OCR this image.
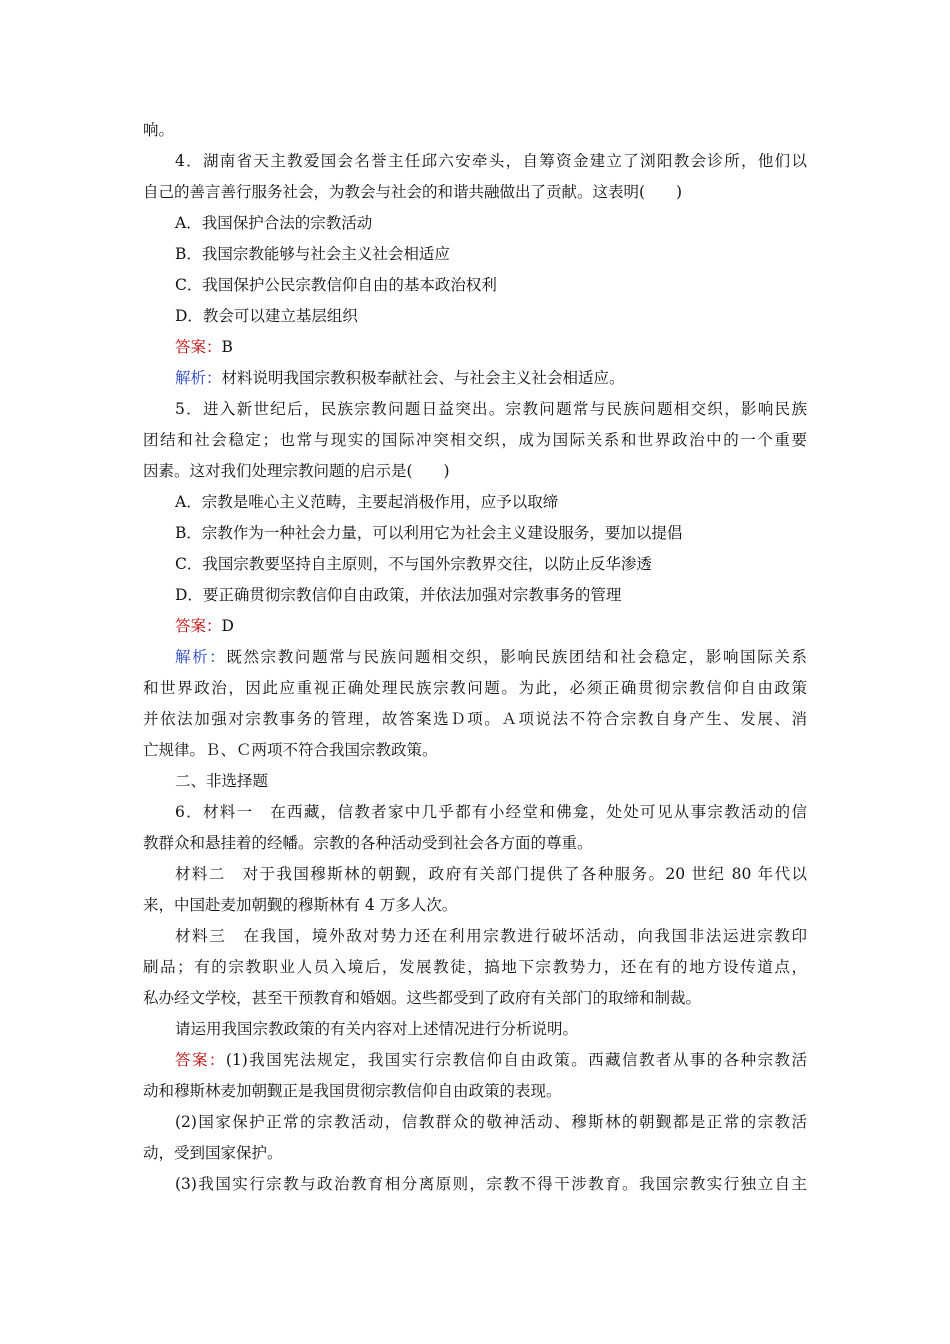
响。
4．湖南省天主教爱国会名誉主任邱六安牵头，自筹资金建立了浏阳教会诊所，他们以
自己的善言善行服务社会，为教会与社会的和谐共融做出了贡献。这表明(　　)
A．我国保护合法的宗教活动
B．我国宗教能够与社会主义社会相适应
C．我国保护公民宗教信仰自由的基本政治权利
D．教会可以建立基层组织
答案：B
解析：材料说明我国宗教积极奉献社会、与社会主义社会相适应。
5．进入新世纪后，民族宗教问题日益突出。宗教问题常与民族问题相交织，影响民族
团结和社会稳定；也常与现实的国际冲突相交织，成为国际关系和世界政治中的一个重要
因素。这对我们处理宗教问题的启示是(　　)
A．宗教是唯心主义范畴，主要起消极作用，应予以取缔
B．宗教作为一种社会力量，可以利用它为社会主义建设服务，要加以提倡
C．我国宗教要坚持自主原则，不与国外宗教界交往，以防止反华渗透
D．要正确贯彻宗教信仰自由政策，并依法加强对宗教事务的管理
答案：D
解析：既然宗教问题常与民族问题相交织，影响民族团结和社会稳定，影响国际关系
和世界政治，因此应重视正确处理民族宗教问题。为此，必须正确贯彻宗教信仰自由政策
并依法加强对宗教事务的管理，故答案选Ｄ项。Ａ项说法不符合宗教自身产生、发展、消
亡规律。Ｂ、Ｃ两项不符合我国宗教政策。
二、非选择题
6．材料一　在西藏，信教者家中几乎都有小经堂和佛龛，处处可见从事宗教活动的信
教群众和悬挂着的经幡。宗教的各种活动受到社会各方面的尊重。
材料二　对于我国穆斯林的朝觐，政府有关部门提供了各种服务。20 世纪 80 年代以
来，中国赴麦加朝觐的穆斯林有 4 万多人次。
材料三　在我国，境外敌对势力还在利用宗教进行破坏活动，向我国非法运进宗教印
刷品；有的宗教职业人员入境后，发展教徒，搞地下宗教势力，还在有的地方设传道点，
私办经文学校，甚至干预教育和婚姻。这些都受到了政府有关部门的取缔和制裁。
请运用我国宗教政策的有关内容对上述情况进行分析说明。
答案：(1)我国宪法规定，我国实行宗教信仰自由政策。西藏信教者从事的各种宗教活
动和穆斯林麦加朝觐正是我国贯彻宗教信仰自由政策的表现。
(2)国家保护正常的宗教活动，信教群众的敬神活动、穆斯林的朝觐都是正常的宗教活
动，受到国家保护。
(3)我国实行宗教与政治教育相分离原则，宗教不得干涉教育。我国宗教实行独立自主
